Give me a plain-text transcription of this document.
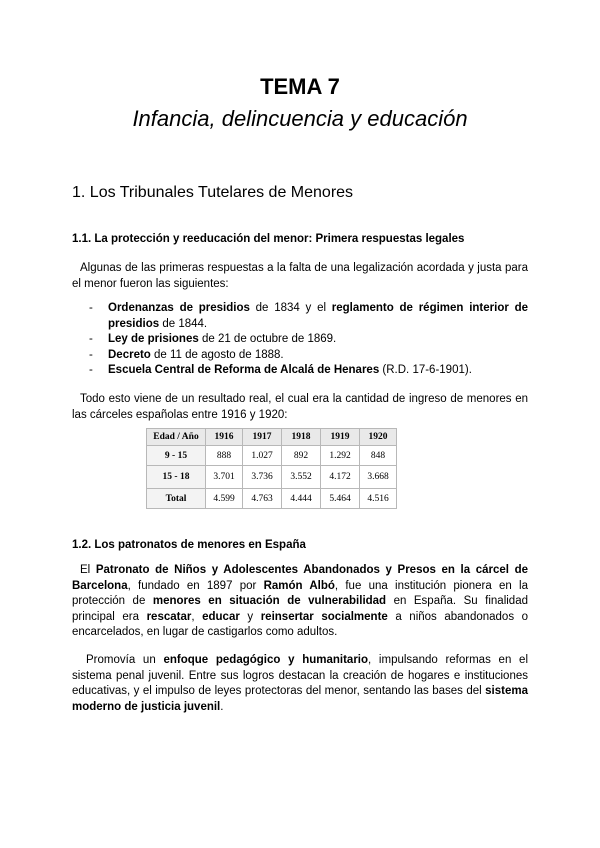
TEMA 7
Infancia, delincuencia y educación
1. Los Tribunales Tutelares de Menores
1.1. La protección y reeducación del menor: Primera respuestas legales
Algunas de las primeras respuestas a la falta de una legalización acordada y justa para el menor fueron las siguientes:
- Ordenanzas de presidios de 1834 y el reglamento de régimen interior de presidios de 1844.
- Ley de prisiones de 21 de octubre de 1869.
- Decreto de 11 de agosto de 1888.
- Escuela Central de Reforma de Alcalá de Henares (R.D. 17-6-1901).
Todo esto viene de un resultado real, el cual era la cantidad de ingreso de menores en las cárceles españolas entre 1916 y 1920:
Edad / Año	1916	1917	1918	1919	1920
9 - 15	888	1.027	892	1.292	848
15 - 18	3.701	3.736	3.552	4.172	3.668
Total	4.599	4.763	4.444	5.464	4.516
1.2. Los patronatos de menores en España
El Patronato de Niños y Adolescentes Abandonados y Presos en la cárcel de Barcelona, fundado en 1897 por Ramón Albó, fue una institución pionera en la protección de menores en situación de vulnerabilidad en España. Su finalidad principal era rescatar, educar y reinsertar socialmente a niños abandonados o encarcelados, en lugar de castigarlos como adultos.
Promovía un enfoque pedagógico y humanitario, impulsando reformas en el sistema penal juvenil. Entre sus logros destacan la creación de hogares e instituciones educativas, y el impulso de leyes protectoras del menor, sentando las bases del sistema moderno de justicia juvenil.
